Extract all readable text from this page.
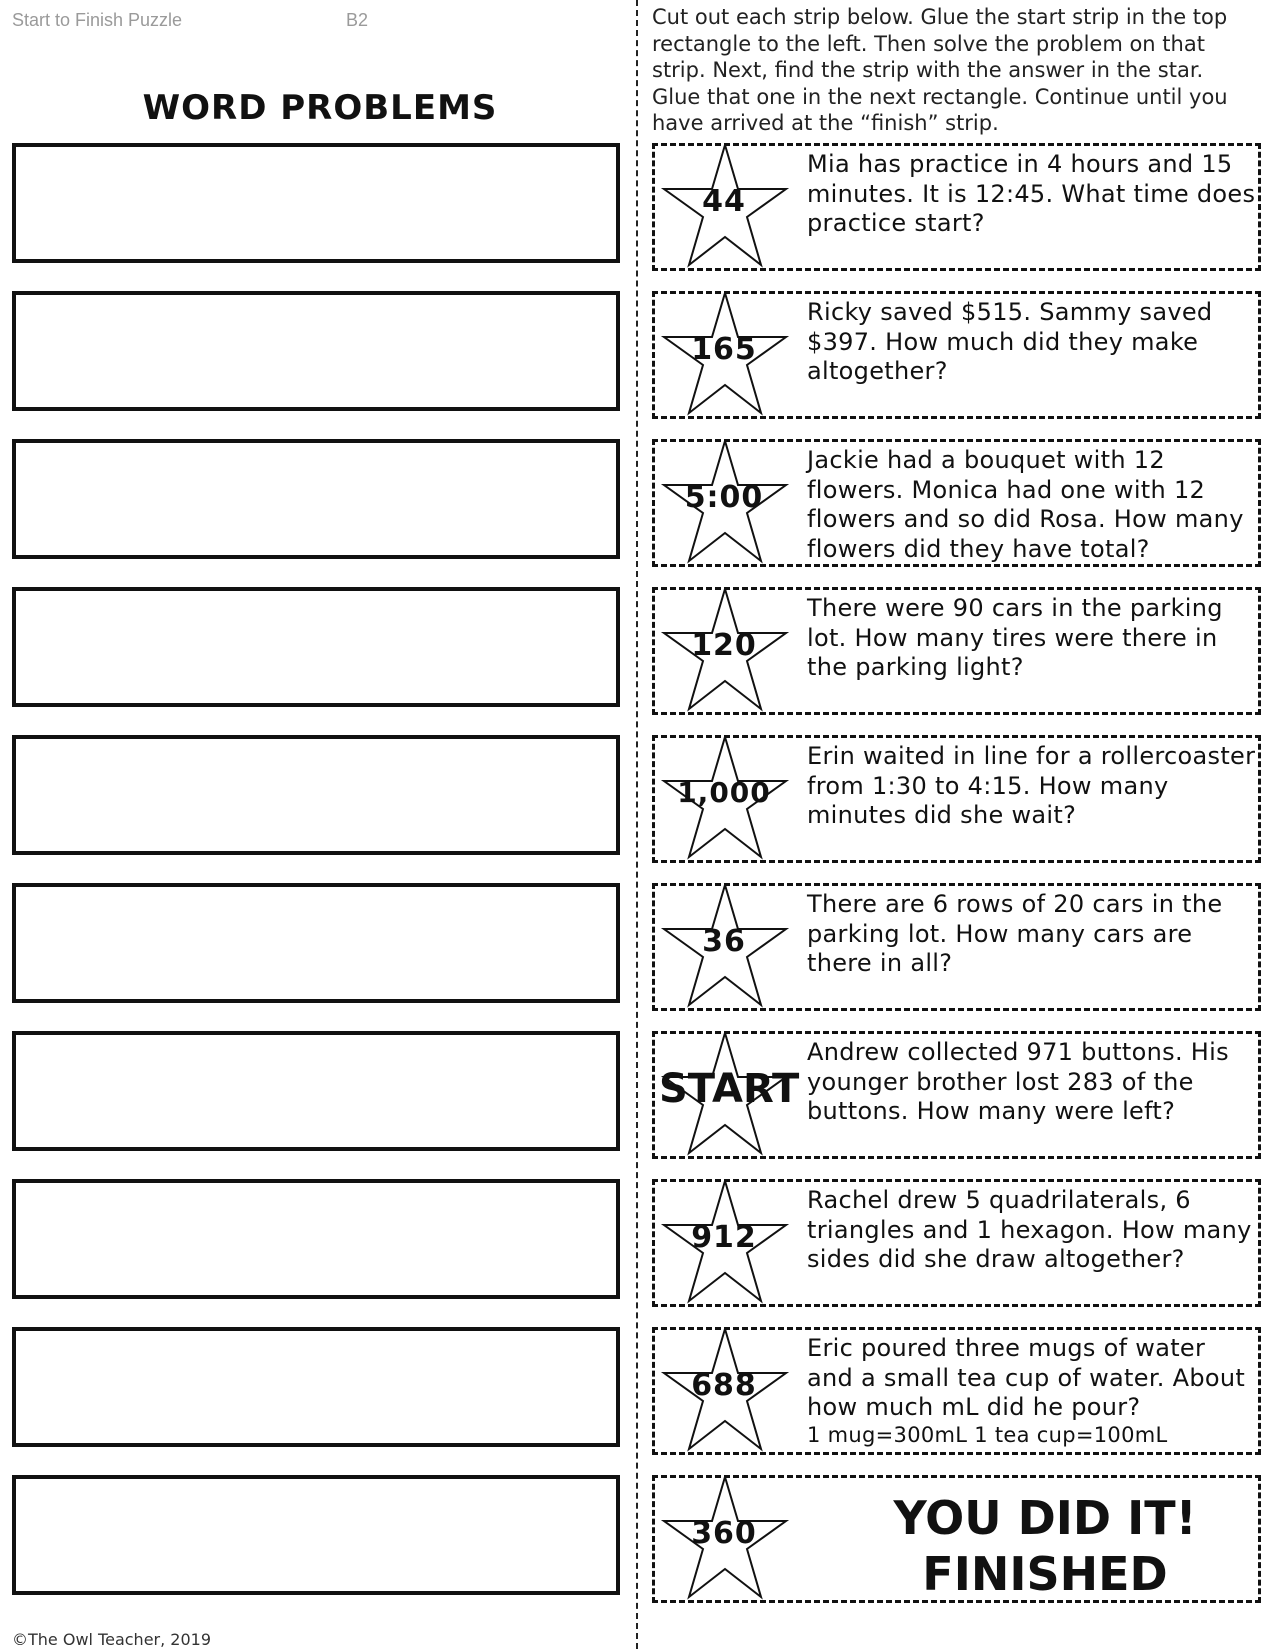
Start to Finish Puzzle	B2
WORD PROBLEMS
Cut out each strip below. Glue the start strip in the top rectangle to the left. Then solve the problem on that strip. Next, find the strip with the answer in the star. Glue that one in the next rectangle. Continue until you have arrived at the “finish” strip.
44
Mia has practice in 4 hours and 15 minutes. It is 12:45. What time does practice start?
165
Ricky saved $515. Sammy saved $397. How much did they make altogether?
5:00
Jackie had a bouquet with 12 flowers. Monica had one with 12 flowers and so did Rosa. How many flowers did they have total?
120
There were 90 cars in the parking lot. How many tires were there in the parking light?
1,000
Erin waited in line for a rollercoaster from 1:30 to 4:15. How many minutes did she wait?
36
There are 6 rows of 20 cars in the parking lot. How many cars are there in all?
START
Andrew collected 971 buttons. His younger brother lost 283 of the buttons. How many were left?
912
Rachel drew 5 quadrilaterals, 6 triangles and 1 hexagon. How many sides did she draw altogether?
688
Eric poured three mugs of water and a small tea cup of water. About how much mL did he pour?
1 mug=300mL 1 tea cup=100mL
360	YOU DID IT!
FINISHED
©The Owl Teacher, 2019
